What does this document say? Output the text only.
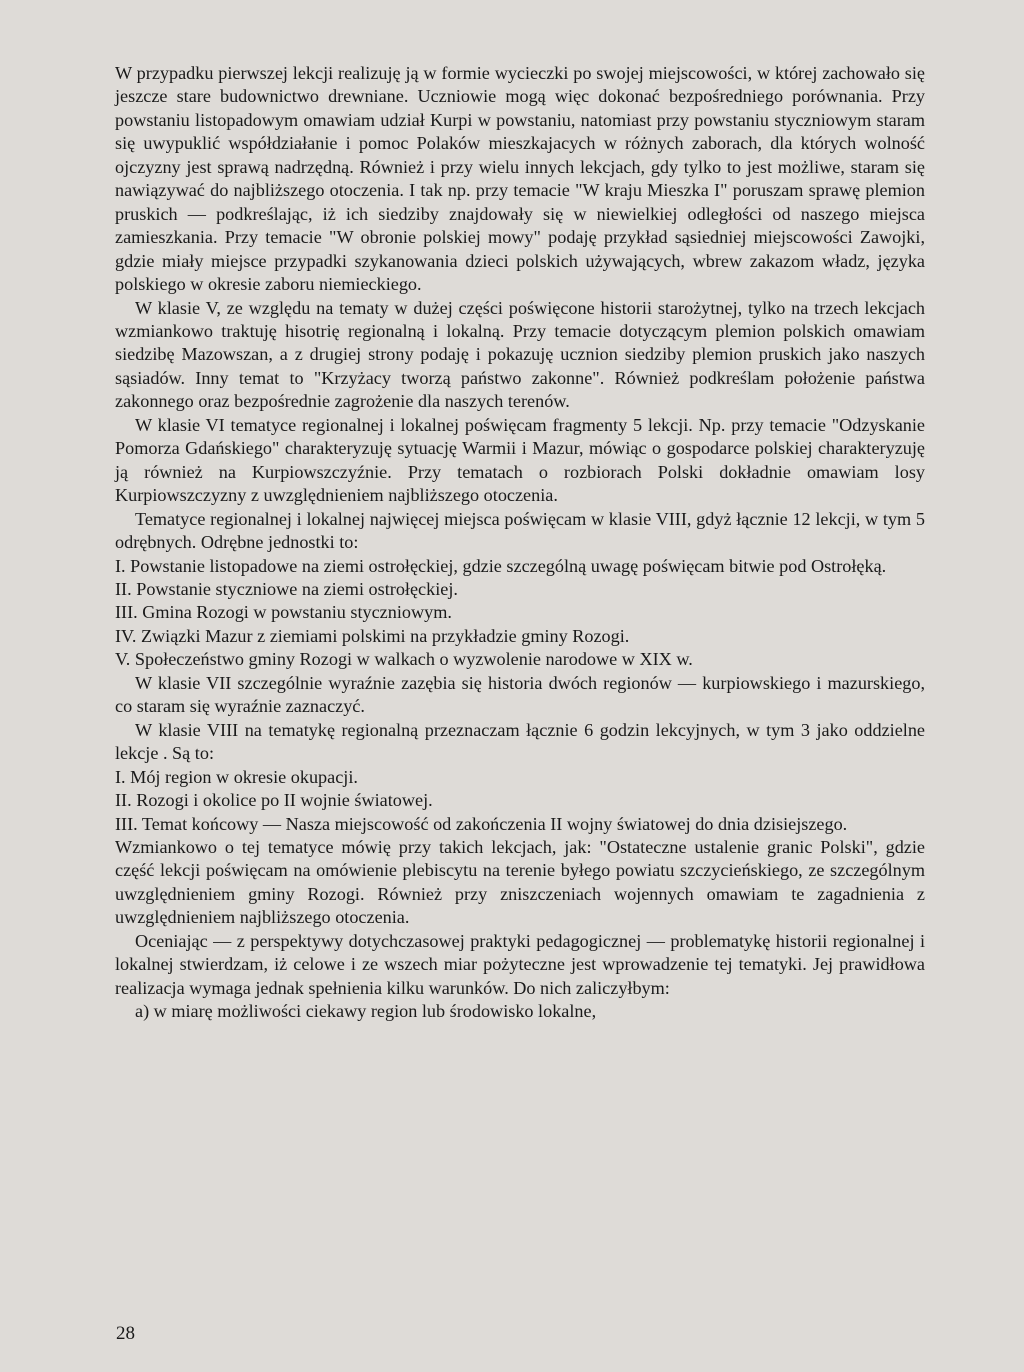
W przypadku pierwszej lekcji realizuję ją w formie wycieczki po swojej miejscowości, w której zachowało się jeszcze stare budownictwo drewniane. Uczniowie mogą więc dokonać bezpośredniego porównania. Przy powstaniu listopadowym omawiam udział Kurpi w powstaniu, natomiast przy powstaniu styczniowym staram się uwypuklić współdziałanie i pomoc Polaków mieszkajacych w różnych zaborach, dla których wolność ojczyzny jest sprawą nadrzędną. Również i przy wielu innych lekcjach, gdy tylko to jest możliwe, staram się nawiązywać do najbliższego otoczenia. I tak np. przy temacie "W kraju Mieszka I" poruszam sprawę plemion pruskich — podkreślając, iż ich siedziby znajdowały się w niewielkiej odległości od naszego miejsca zamieszkania. Przy temacie "W obronie polskiej mowy" podaję przykład sąsiedniej miejscowości Zawojki, gdzie miały miejsce przypadki szykanowania dzieci polskich używających, wbrew zakazom władz, języka polskiego w okresie zaboru niemieckiego.

W klasie V, ze względu na tematy w dużej części poświęcone historii starożytnej, tylko na trzech lekcjach wzmiankowo traktuję hisotrię regionalną i lokalną. Przy temacie dotyczącym plemion polskich omawiam siedzibę Mazowszan, a z drugiej strony podaję i pokazuję ucznion siedziby plemion pruskich jako naszych sąsiadów. Inny temat to "Krzyżacy tworzą państwo zakonne". Również podkreślam położenie państwa zakonnego oraz bezpośrednie zagrożenie dla naszych terenów.

W klasie VI tematyce regionalnej i lokalnej poświęcam fragmenty 5 lekcji. Np. przy temacie "Odzyskanie Pomorza Gdańskiego" charakteryzuję sytuację Warmii i Mazur, mówiąc o gospodarce polskiej charakteryzuję ją również na Kurpiowszczyźnie. Przy tematach o rozbiorach Polski dokładnie omawiam losy Kurpiowszczyzny z uwzględnieniem najbliższego otoczenia.

Tematyce regionalnej i lokalnej najwięcej miejsca poświęcam w klasie VIII, gdyż łącznie 12 lekcji, w tym 5 odrębnych. Odrębne jednostki to:

I. Powstanie listopadowe na ziemi ostrołęckiej, gdzie szczególną uwagę poświęcam bitwie pod Ostrołęką.

II. Powstanie styczniowe na ziemi ostrołęckiej.

III. Gmina Rozogi w powstaniu styczniowym.

IV. Związki Mazur z ziemiami polskimi na przykładzie gminy Rozogi.

V. Społeczeństwo gminy Rozogi w walkach o wyzwolenie narodowe w XIX w.

W klasie VII szczególnie wyraźnie zazębia się historia dwóch regionów — kurpiowskiego i mazurskiego, co staram się wyraźnie zaznaczyć.

W klasie VIII na tematykę regionalną przeznaczam łącznie 6 godzin lekcyjnych, w tym 3 jako oddzielne lekcje . Są to:

I. Mój region w okresie okupacji.

II. Rozogi i okolice po II wojnie światowej.

III. Temat końcowy — Nasza miejscowość od zakończenia II wojny światowej do dnia dzisiejszego.

Wzmiankowo o tej tematyce mówię przy takich lekcjach, jak: "Ostateczne ustalenie granic Polski", gdzie część lekcji poświęcam na omówienie plebiscytu na terenie byłego powiatu szczycieńskiego, ze szczególnym uwzględnieniem gminy Rozogi. Również przy zniszczeniach wojennych omawiam te zagadnienia z uwzględnieniem najbliższego otoczenia.

Oceniając — z perspektywy dotychczasowej praktyki pedagogicznej — problematykę historii regionalnej i lokalnej stwierdzam, iż celowe i ze wszech miar pożyteczne jest wprowadzenie tej tematyki. Jej prawidłowa realizacja wymaga jednak spełnienia kilku warunków. Do nich zaliczyłbym:

a) w miarę możliwości ciekawy region lub środowisko lokalne,

28
